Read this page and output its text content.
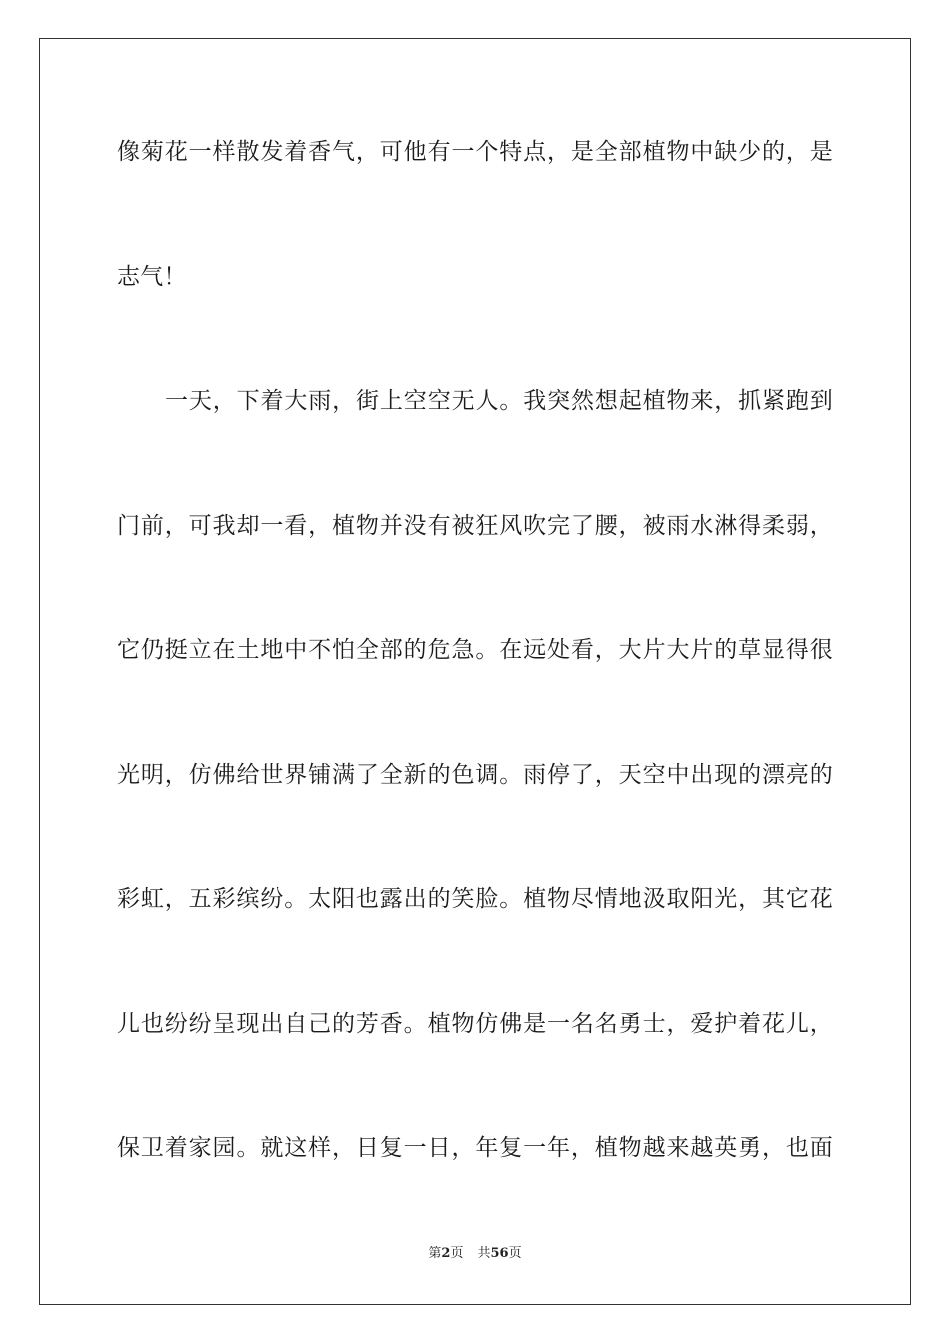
像菊花一样散发着香气，可他有一个特点，是全部植物中缺少的，是
志气！
一天，下着大雨，街上空空无人。我突然想起植物来，抓紧跑到
门前，可我却一看，植物并没有被狂风吹完了腰，被雨水淋得柔弱，
它仍挺立在土地中不怕全部的危急。在远处看，大片大片的草显得很
光明，仿佛给世界铺满了全新的色调。雨停了，天空中出现的漂亮的
彩虹，五彩缤纷。太阳也露出的笑脸。植物尽情地汲取阳光，其它花
儿也纷纷呈现出自己的芳香。植物仿佛是一名名勇士，爱护着花儿，
保卫着家园。就这样，日复一日，年复一年，植物越来越英勇，也面
第2页 共56页
